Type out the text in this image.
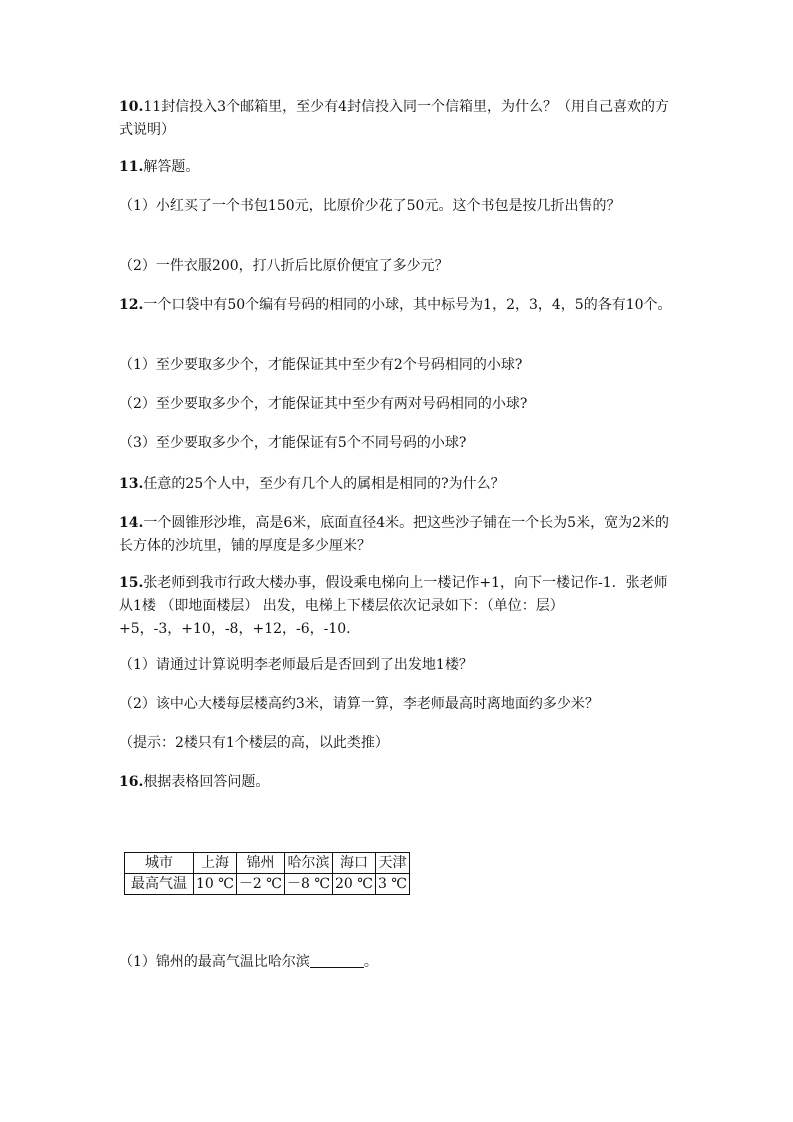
10.11封信投入3个邮箱里，至少有4封信投入同一个信箱里，为什么？（用自己喜欢的方式说明）

11.解答题。

（1）小红买了一个书包150元，比原价少花了50元。这个书包是按几折出售的？

（2）一件衣服200，打八折后比原价便宜了多少元？

12.一个口袋中有50个编有号码的相同的小球，其中标号为1，2，3，4，5的各有10个。

（1）至少要取多少个，才能保证其中至少有2个号码相同的小球?

（2）至少要取多少个，才能保证其中至少有两对号码相同的小球?

（3）至少要取多少个，才能保证有5个不同号码的小球?

13.任意的25个人中，至少有几个人的属相是相同的?为什么？

14.一个圆锥形沙堆，高是6米，底面直径4米。把这些沙子铺在一个长为5米，宽为2米的长方体的沙坑里，铺的厚度是多少厘米？

15.张老师到我市行政大楼办事，假设乘电梯向上一楼记作+1，向下一楼记作-1．张老师从1楼 （即地面楼层） 出发，电梯上下楼层依次记录如下：（单位：层）+5，-3，+10，-8，+12，-6，-10.

（1）请通过计算说明李老师最后是否回到了出发地1楼？

（2）该中心大楼每层楼高约3米，请算一算，李老师最高时离地面约多少米？

（提示：2楼只有1个楼层的高，以此类推）

16.根据表格回答问题。

城市	上海	锦州	哈尔滨	海口	天津
最高气温	10 ℃	－2 ℃	－8 ℃	20 ℃	3 ℃

（1）锦州的最高气温比哈尔滨	。
